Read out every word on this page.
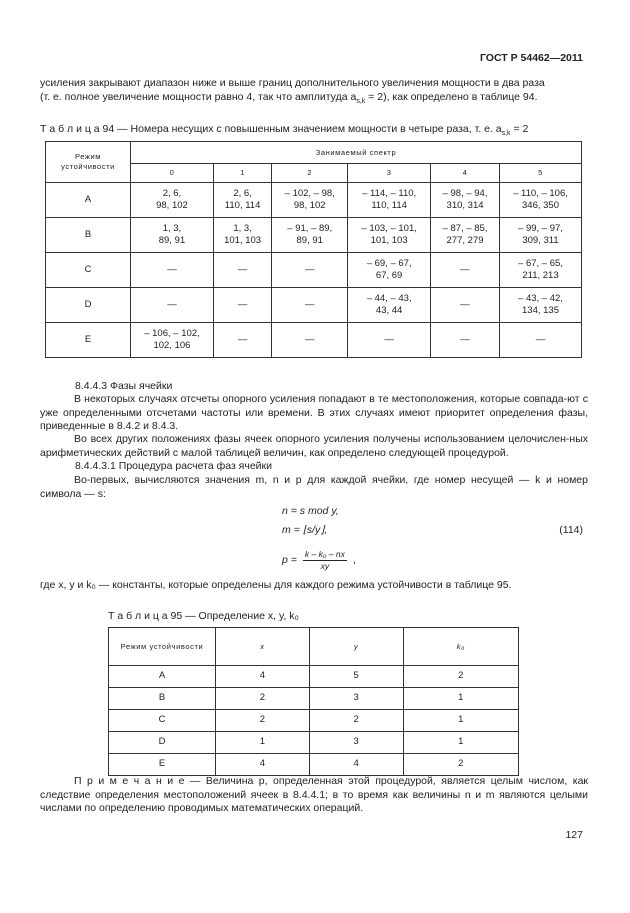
ГОСТ Р 54462—2011
усиления закрывают диапазон ниже и выше границ дополнительного увеличения мощности в два раза
(т. е. полное увеличение мощности равно 4, так что амплитуда $a_{s,k} = 2$), как определено в таблице 94.
Т а б л и ц а 94 — Номера несущих с повышенным значением мощности в четыре раза, т. е. $a_{s,k} = 2$
Режим устойчивости	Занимаемый спектр					
	0	1	2	3	4	5
A	2, 6,
98, 102	2, 6,
110, 114	– 102, – 98,
98, 102	– 114, – 110,
110, 114	– 98, – 94,
310, 314	– 110, – 106,
346, 350
B	1, 3,
89, 91	1, 3,
101, 103	– 91, – 89,
89, 91	– 103, – 101,
101, 103	– 87, – 85,
277, 279	– 99, – 97,
309, 311
C	—	—	—	– 69, – 67,
67, 69	—	– 67, – 65,
211, 213
D	—	—	—	– 44, – 43,
43, 44	—	– 43, – 42,
134, 135
E	– 106, – 102,
102, 106	—	—	—	—	—
8.4.4.3 Фазы ячейки
В некоторых случаях отсчеты опорного усиления попадают в те местоположения, которые совпада-ют с уже определенными отсчетами частоты или времени. В этих случаях имеют приоритет определения фазы, приведенные в 8.4.2 и 8.4.3.
Во всех других положениях фазы ячеек опорного усиления получены использованием целочислен-ных арифметических действий с малой таблицей величин, как определено следующей процедурой.
8.4.4.3.1 Процедура расчета фаз ячейки
Во-первых, вычисляются значения m, n и p для каждой ячейки, где номер несущей — k и номер символа — s:
n = s mod y,
m = ⌊s/y⌋,	(114)
$p = \frac{\text{k – k₀ – nx}}{xy}$ ,
где x, y и k₀ — константы, которые определены для каждого режима устойчивости в таблице 95.
Т а б л и ц а 95 — Определение x, y, k₀
Режим устойчивости	x	y	k₀
A	4	5	2
B	2	3	1
C	2	2	1
D	1	3	1
E	4	4	2
П р и м е ч а н и е — Величина p, определенная этой процедурой, является целым числом, как следствие определения местоположений ячеек в 8.4.4.1; в то время как величины n и m являются целыми числами по определению проводимых математических операций.
127
